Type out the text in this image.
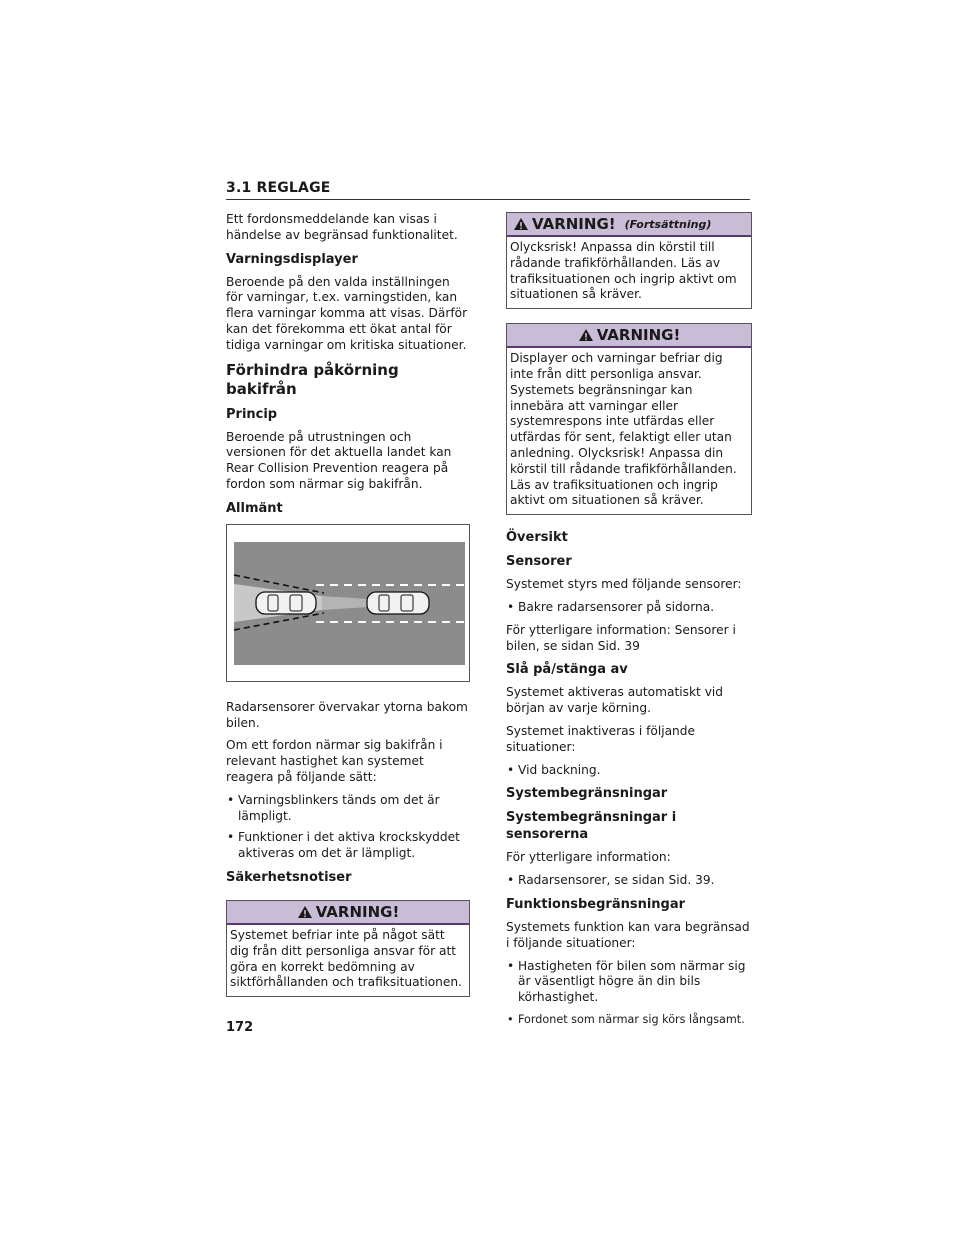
3.1 REGLAGE

Ett fordonsmeddelande kan visas i händelse av begränsad funktionalitet.

Varningsdisplayer

Beroende på den valda inställningen för varningar, t.ex. varningstiden, kan flera varningar komma att visas. Därför kan det förekomma ett ökat antal för tidiga varningar om kritiska situationer.

Förhindra påkörning bakifrån
Princip

Beroende på utrustningen och versionen för det aktuella landet kan Rear Collision Prevention reagera på fordon som närmar sig bakifrån.

Allmänt

Radarsensorer övervakar ytorna bakom bilen.

Om ett fordon närmar sig bakifrån i relevant hastighet kan systemet reagera på följande sätt:

• Varningsblinkers tänds om det är lämpligt.
• Funktioner i det aktiva krockskyddet aktiveras om det är lämpligt.
Säkerhetsnotiser
VARNING!

Systemet befriar inte på något sätt dig från ditt personliga ansvar för att göra en korrekt bedömning av siktförhållanden och trafiksituationen.

VARNING! (Fortsättning)

Olycksrisk! Anpassa din körstil till rådande trafikförhållanden. Läs av trafiksituationen och ingrip aktivt om situationen så kräver.

VARNING!

Displayer och varningar befriar dig inte från ditt personliga ansvar. Systemets begränsningar kan innebära att varningar eller systemrespons inte utfärdas eller utfärdas för sent, felaktigt eller utan anledning. Olycksrisk! Anpassa din körstil till rådande trafikförhållanden. Läs av trafiksituationen och ingrip aktivt om situationen så kräver.

Översikt
Sensorer

Systemet styrs med följande sensorer:

• Bakre radarsensorer på sidorna.

För ytterligare information: Sensorer i bilen, se sidan Sid. 39

Slå på/stänga av

Systemet aktiveras automatiskt vid början av varje körning.

Systemet inaktiveras i följande situationer:

• Vid backning.
Systembegränsningar
Systembegränsningar i sensorerna

För ytterligare information:

• Radarsensorer, se sidan Sid. 39.
Funktionsbegränsningar

Systemets funktion kan vara begränsad i följande situationer:

• Hastigheten för bilen som närmar sig är väsentligt högre än din bils körhastighet.
• Fordonet som närmar sig körs långsamt.
172
